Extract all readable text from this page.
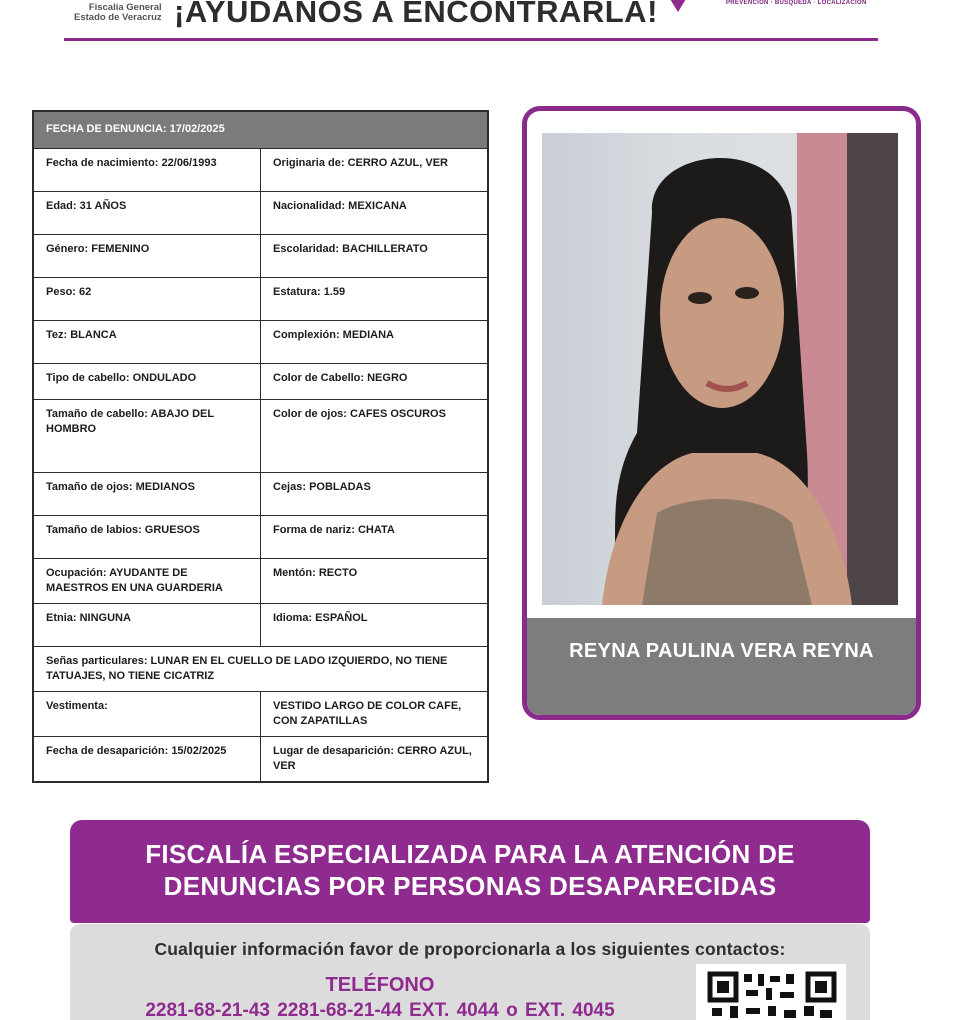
Fiscalía General
Estado de Veracruz ¡AYUDANOS A ENCONTRARLA!	PREVENCIÓN · BÚSQUEDA · LOCALIZACIÓN
FECHA DE DENUNCIA: 17/02/2025	
Fecha de nacimiento: 22/06/1993	Originaria de: CERRO AZUL, VER
Edad: 31 AÑOS	Nacionalidad: MEXICANA
Género: FEMENINO	Escolaridad: BACHILLERATO
Peso: 62	Estatura: 1.59
Tez: BLANCA	Complexión: MEDIANA
Tipo de cabello: ONDULADO	Color de Cabello: NEGRO
Tamaño de cabello: ABAJO DEL HOMBRO	Color de ojos: CAFES OSCUROS
Tamaño de ojos: MEDIANOS	Cejas: POBLADAS
Tamaño de labios: GRUESOS	Forma de nariz: CHATA
Ocupación: AYUDANTE DE MAESTROS EN UNA GUARDERIA	Mentón: RECTO
Etnia: NINGUNA	Idioma: ESPAÑOL
Señas particulares: LUNAR EN EL CUELLO DE LADO IZQUIERDO, NO TIENE TATUAJES, NO TIENE CICATRIZ	
Vestimenta:	VESTIDO LARGO DE COLOR CAFE, CON ZAPATILLAS
Fecha de desaparición: 15/02/2025	Lugar de desaparición: CERRO AZUL, VER
REYNA PAULINA VERA REYNA
FISCALÍA ESPECIALIZADA PARA LA ATENCIÓN DE
DENUNCIAS POR PERSONAS DESAPARECIDAS
Cualquier información favor de proporcionarla a los siguientes contactos:
TELÉFONO
2281-68-21-43 2281-68-21-44 EXT. 4044 o EXT. 4045
